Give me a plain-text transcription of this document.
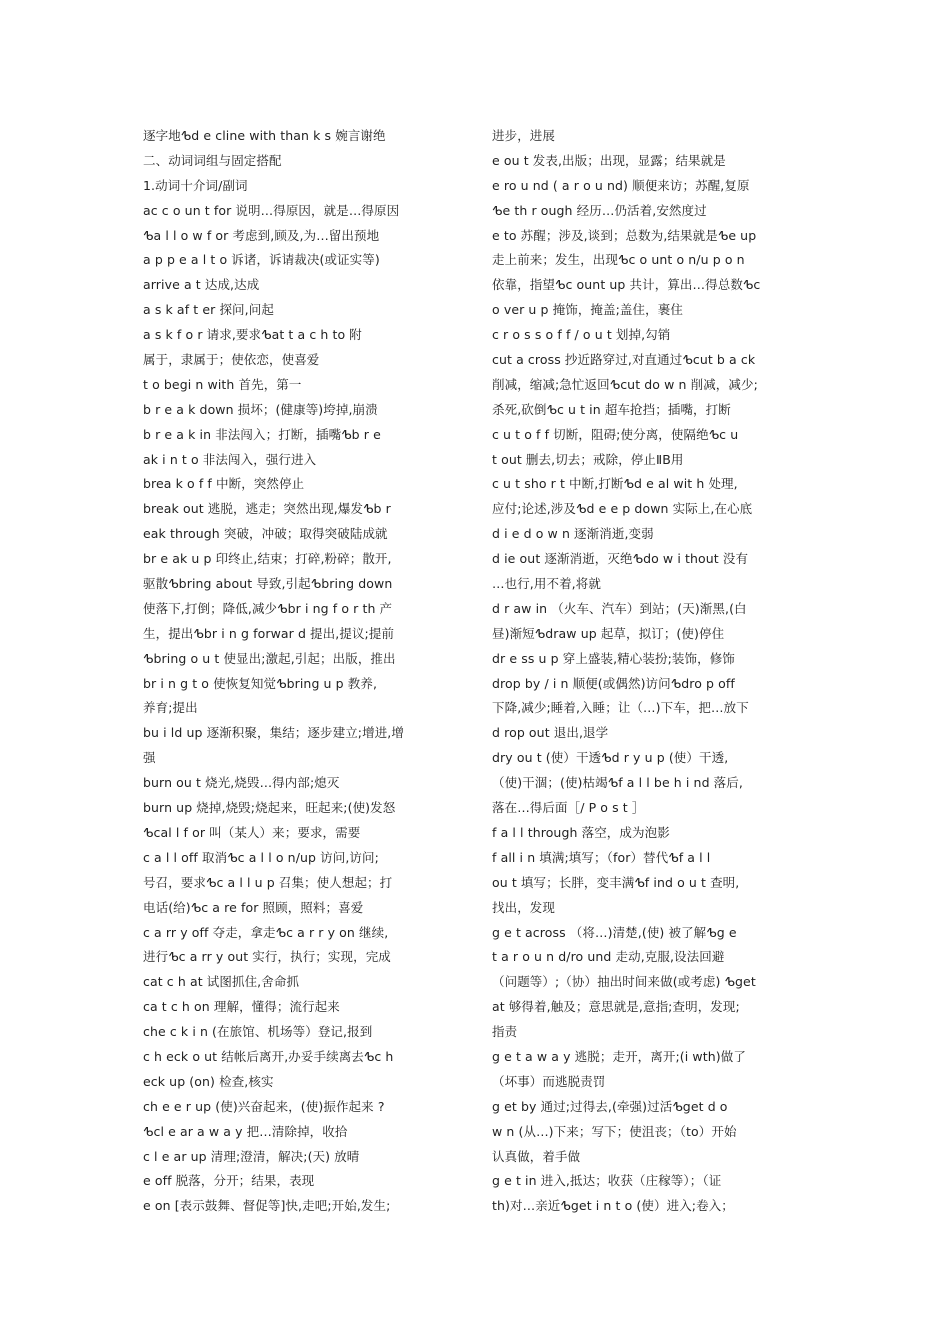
逐字地ᕹd e cline with than k s 婉言谢绝
二、动词词组与固定搭配
1.动词十介词/副词
ac c o un t for 说明…得原因，就是…得原因
ᕹa l l o w f or 考虑到,顾及,为…留出预地
a p p e a l t o 诉诸，诉请裁决(或证实等)
arrive a t 达成,达成
a s k af t er 探问,问起
a s k f o r 请求,要求ᕹat t a c h to 附
属于，隶属于；使依恋，使喜爱
t o begi n with 首先，第一
b r e a k down 损坏；(健康等)垮掉,崩溃
b r e a k in 非法闯入；打断，插嘴ᕹb r e
ak i n t o 非法闯入，强行进入
brea k o f f 中断，突然停止
break out 逃脱，逃走；突然出现,爆发ᕹb r
eak through 突破，冲破；取得突破陆成就
br e ak u p 印终止,结束；打碎,粉碎；散开,
驱散ᕹbring about 导致,引起ᕹbring down
使落下,打倒；降低,减少ᕹbr i ng f o r th 产
生，提出ᕹbr i n g forwar d 提出,提议;提前
ᕹbring o u t 使显出;激起,引起；出版，推出
br i n g t o 使恢复知觉ᕹbring u p 教养,
养育;提出
bu i ld up 逐渐积聚，集结；逐步建立;增进,增
强
burn ou t 烧光,烧毁…得内部;熄灭
burn up 烧掉,烧毁;烧起来，旺起来;(使)发怒
ᕹcal l f or 叫（某人）来；要求，需要
c a l l off 取消ᕹc a l l o n/up 访问,访问;
号召，要求ᕹc a l l u p 召集；使人想起；打
电话(给)ᕹc a re for 照顾，照料；喜爱
c a rr y off 夺走，拿走ᕹc a r r y on 继续,
进行ᕹc a rr y out 实行，执行；实现，完成
cat c h at 试图抓住,舍命抓
ca t c h on 理解，懂得；流行起来
che c k i n (在旅馆、机场等）登记,报到
c h eck o ut 结帐后离开,办妥手续离去ᕹc h
eck up (on) 检查,核实
ch e e r up (使)兴奋起来，(使)振作起来 ?
ᕹcl e ar a w a y 把…清除掉，收拾
c l e ar up 清理;澄清，解决;(天) 放晴
e off 脱落，分开；结果，表现
e on [表示鼓舞、督促等]快,走吧;开始,发生;
进步，进展
e ou t 发表,出版；出现，显露；结果就是
e ro u nd ( a r o u nd) 顺便来访；苏醒,复原
ᕹe th r ough 经历…仍活着,安然度过
e to 苏醒；涉及,谈到；总数为,结果就是ᕹe up
走上前来；发生，出现ᕹc o unt o n/u p o n
依靠，指望ᕹc ount up 共计，算出…得总数ᕹc
o ver u p 掩饰，掩盖;盖住，裹住
c r o s s o f f / o u t 划掉,勾销
cut a cross 抄近路穿过,对直通过ᕹcut b a ck
削减，缩减;急忙返回ᕹcut do w n 削减，减少;
杀死,砍倒ᕹc u t in 超车抢挡；插嘴，打断
c u t o f f 切断，阻碍;使分离，使隔绝ᕹc u
t out 删去,切去；戒除，停止ⅡB用
c u t sho r t 中断,打断ᕹd e al wit h 处理,
应付;论述,涉及ᕹd e e p down 实际上,在心底
d i e d o w n 逐渐消逝,变弱
d ie out 逐渐消逝，灭绝ᕹdo w i thout 没有
…也行,用不着,将就
d r aw in （火车、汽车）到站；(天)渐黑,(白
昼)渐短ᕹdraw up 起草，拟订；(使)停住
dr e ss u p 穿上盛装,精心装扮;装饰，修饰
drop by / i n 顺便(或偶然)访问ᕹdro p off
下降,减少;睡着,入睡；让（…)下车，把…放下
d rop out 退出,退学
dry ou t (使）干透ᕹd r y u p (使）干透,
（使)干涸；(使)枯竭ᕹf a l l be h i nd 落后,
落在…得后面［/ P o s t ］
f a l l through 落空，成为泡影
f all i n 填满;填写；（for）替代ᕹf a l l
ou t 填写；长胖，变丰满ᕹf ind o u t 查明,
找出，发现
g e t across （将…)清楚,(使) 被了解ᕹg e
t a r o u n d/ro und 走动,克服,设法回避
（问题等）;（协）抽出时间来做(或考虑) ᕹget
at 够得着,触及；意思就是,意指;查明，发现;
指责
g e t a w a y 逃脱；走开，离开;(i wth)做了
（坏事）而逃脱责罚
g et by 通过;过得去,(牵强)过活ᕹget d o
w n (从…)下来；写下；使沮丧；（to）开始
认真做，着手做
g e t in 进入,抵达；收获（庄稼等）；（证
th)对…亲近ᕹget i n t o (使）进入;卷入；
